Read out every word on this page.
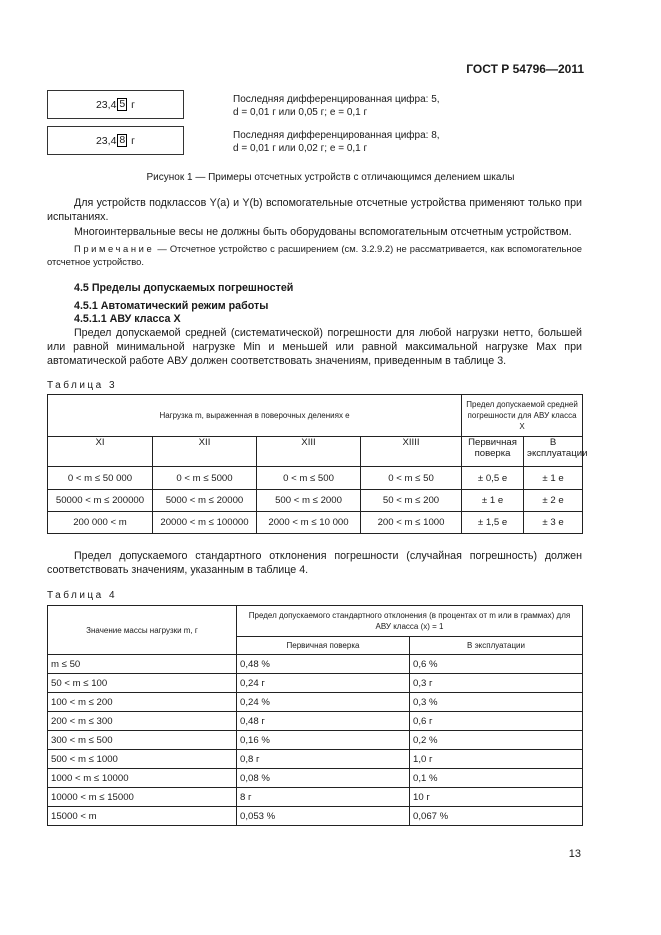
ГОСТ Р 54796—2011
23,4 5
г	Последняя дифференцированная цифра: 5,
d = 0,01 г или 0,05 г; e = 0,1 г
23,4 8
г	Последняя дифференцированная цифра: 8,
d = 0,01 г или 0,02 г; e = 0,1 г
Рисунок 1 — Примеры отсчетных устройств с отличающимся делением шкалы
Для устройств подклассов Y(a) и Y(b) вспомогательные отсчетные устройства применяют только при испытаниях.
Многоинтервальные весы не должны быть оборудованы вспомогательным отсчетным устройством.
Примечание — Отсчетное устройство с расширением (см. 3.2.9.2) не рассматривается, как вспомогательное отсчетное устройство.
4.5 Пределы допускаемых погрешностей
4.5.1 Автоматический режим работы
4.5.1.1 АВУ класса X
Предел допускаемой средней (систематической) погрешности для любой нагрузки нетто, большей или равной минимальной нагрузке Min и меньшей или равной максимальной нагрузке Max при автоматической работе АВУ должен соответствовать значениям, приведенным в таблице 3.
Таблица 3
Нагрузка m, выраженная в поверочных делениях e				Предел допускаемой средней погрешности для АВУ класса X	
XI	XII	XIII	XIIII	Первичная поверка	В эксплуатации
0 < m ≤ 50 000	0 < m ≤ 5000	0 < m ≤ 500	0 < m ≤ 50	± 0,5 e	± 1 e
50000 < m ≤ 200000	5000 < m ≤ 20000	500 < m ≤ 2000	50 < m ≤ 200	± 1 e	± 2 e
200 000 < m	20000 < m ≤ 100000	2000 < m ≤ 10 000	200 < m ≤ 1000	± 1,5 e	± 3 e
Предел допускаемого стандартного отклонения погрешности (случайная погрешность) должен соответствовать значениям, указанным в таблице 4.
Таблица 4
Значение массы нагрузки m, г	Предел допускаемого стандартного отклонения (в процентах от m или в граммах) для АВУ класса (x) = 1	
	Первичная поверка	В эксплуатации
m ≤ 50	0,48 %	0,6 %
50 < m ≤ 100	0,24 г	0,3 г
100 < m ≤ 200	0,24 %	0,3 %
200 < m ≤ 300	0,48 г	0,6 г
300 < m ≤ 500	0,16 %	0,2 %
500 < m ≤ 1000	0,8 г	1,0 г
1000 < m ≤ 10000	0,08 %	0,1 %
10000 < m ≤ 15000	8 г	10 г
15000 < m	0,053 %	0,067 %
13
